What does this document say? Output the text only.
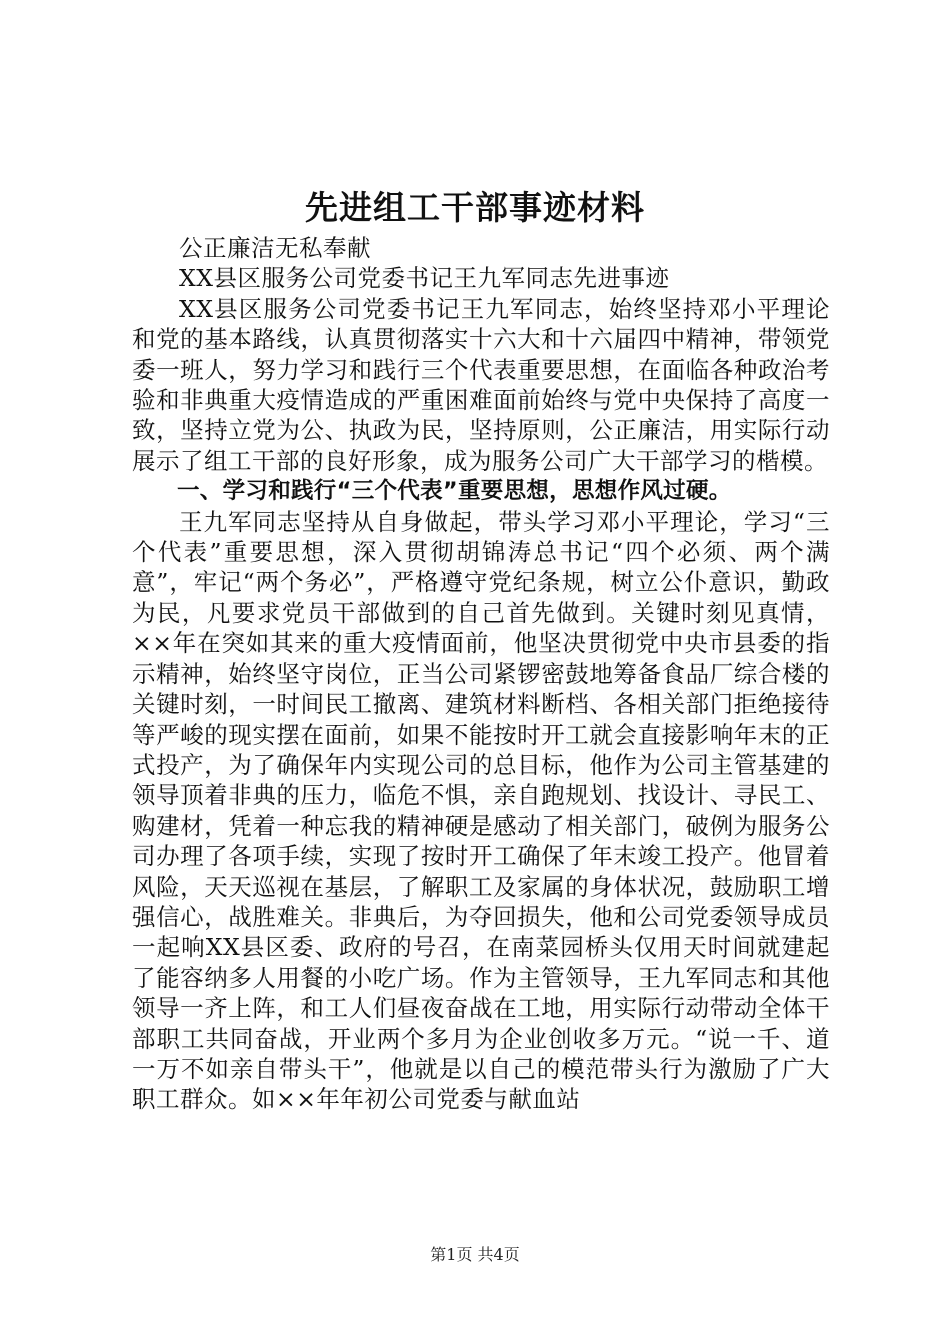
先进组工干部事迹材料

公正廉洁无私奉献

XX县区服务公司党委书记王九军同志先进事迹

XX县区服务公司党委书记王九军同志，始终坚持邓小平理论和党的基本路线，认真贯彻落实十六大和十六届四中精神，带领党委一班人，努力学习和践行三个代表重要思想，在面临各种政治考验和非典重大疫情造成的严重困难面前始终与党中央保持了高度一致，坚持立党为公、执政为民，坚持原则，公正廉洁，用实际行动展示了组工干部的良好形象，成为服务公司广大干部学习的楷模。

一、学习和践行“三个代表”重要思想，思想作风过硬。

王九军同志坚持从自身做起，带头学习邓小平理论，学习“三个代表”重要思想，深入贯彻胡锦涛总书记“四个必须、两个满意”，牢记“两个务必”，严格遵守党纪条规，树立公仆意识，勤政为民，凡要求党员干部做到的自己首先做到。关键时刻见真情，××年在突如其来的重大疫情面前，他坚决贯彻党中央市县委的指示精神，始终坚守岗位，正当公司紧锣密鼓地筹备食品厂综合楼的关键时刻，一时间民工撤离、建筑材料断档、各相关部门拒绝接待等严峻的现实摆在面前，如果不能按时开工就会直接影响年末的正式投产，为了确保年内实现公司的总目标，他作为公司主管基建的领导顶着非典的压力，临危不惧，亲自跑规划、找设计、寻民工、购建材，凭着一种忘我的精神硬是感动了相关部门，破例为服务公司办理了各项手续，实现了按时开工确保了年末竣工投产。他冒着风险，天天巡视在基层，了解职工及家属的身体状况，鼓励职工增强信心，战胜难关。非典后，为夺回损失，他和公司党委领导成员一起响XX县区委、政府的号召，在南菜园桥头仅用天时间就建起了能容纳多人用餐的小吃广场。作为主管领导，王九军同志和其他领导一齐上阵，和工人们昼夜奋战在工地，用实际行动带动全体干部职工共同奋战，开业两个多月为企业创收多万元。“说一千、道一万不如亲自带头干”，他就是以自己的模范带头行为激励了广大职工群众。如××年年初公司党委与献血站

第1页 共4页
